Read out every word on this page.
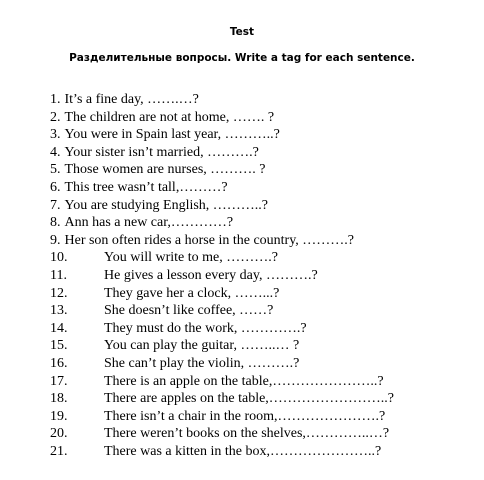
Test
Разделительные вопросы. Write a tag for each sentence.
1. It’s a fine day, …….…?
2. The children are not at home, ……. ?
3. You were in Spain last year, ………..?
4. Your sister isn’t married, ……….?
5. Those women are nurses, ………. ?
6. This tree wasn’t tall,………?
7. You are studying English, ………..?
8. Ann has a new car,…………?
9. Her son often rides a horse in the country, ……….?
10.	You will write to me, ……….?
11.	He gives a lesson every day, ……….?
12.	They gave her a clock, ……...?
13.	She doesn’t like coffee, ……?
14.	They must do the work, ………….?
15.	You can play the guitar, ……..… ?
16.	She can’t play the violin, ……….?
17.	There is an apple on the table,…………………..?
18.	There are apples on the table,……………………..?
19.	There isn’t a chair in the room,………………….?
20.	There weren’t books on the shelves,…………..…?
21.	There was a kitten in the box,…………………..?
